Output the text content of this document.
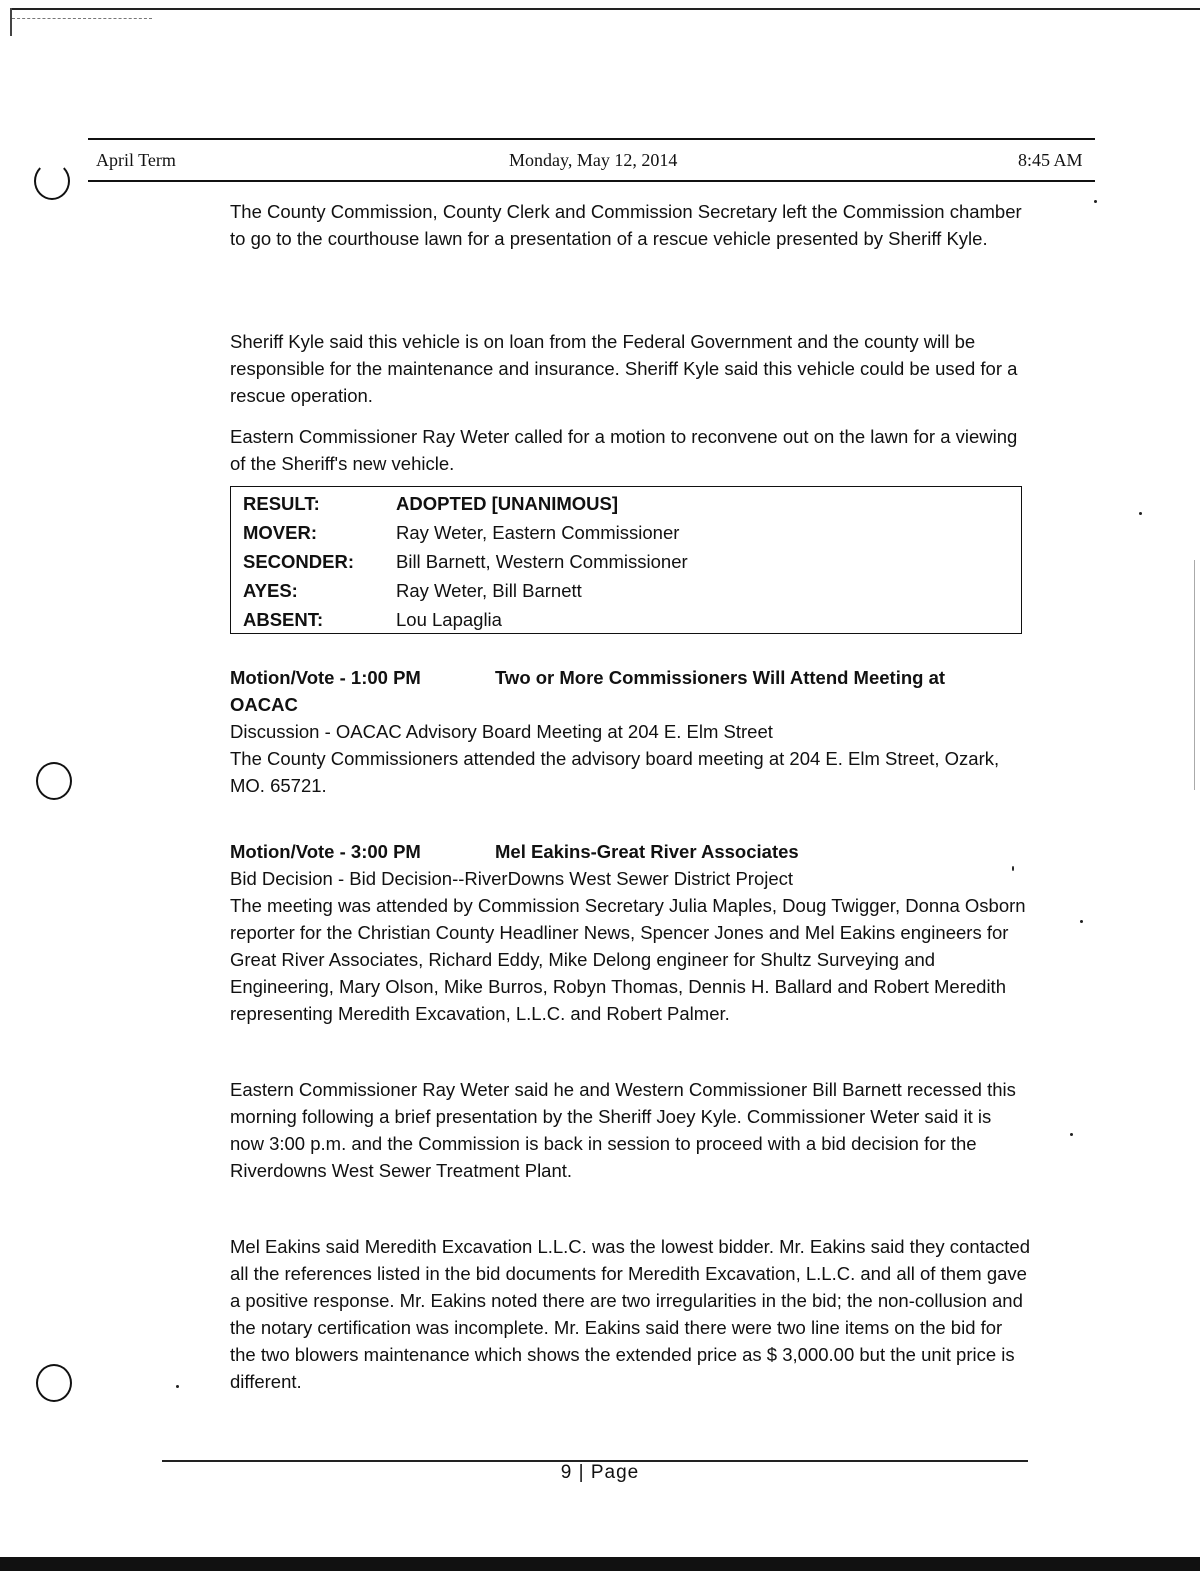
April Term	Monday, May 12, 2014	8:45 AM

The County Commission, County Clerk and Commission Secretary left the Commission chamber to go to the courthouse lawn for a presentation of a rescue vehicle presented by Sheriff Kyle.

Sheriff Kyle said this vehicle is on loan from the Federal Government and the county will be responsible for the maintenance and insurance. Sheriff Kyle said this vehicle could be used for a rescue operation.

Eastern Commissioner Ray Weter called for a motion to reconvene out on the lawn for a viewing of the Sheriff's new vehicle.

RESULT:	ADOPTED [UNANIMOUS]
MOVER:	Ray Weter, Eastern Commissioner
SECONDER: Bill Barnett, Western Commissioner
AYES:	Ray Weter, Bill Barnett
ABSENT:	Lou Lapaglia
Motion/Vote - 1:00 PM	Two or More Commissioners Will Attend Meeting at
OACAC
Discussion - OACAC Advisory Board Meeting at 204 E. Elm Street

The County Commissioners attended the advisory board meeting at 204 E. Elm Street, Ozark, MO. 65721.

Motion/Vote - 3:00 PM	Mel Eakins-Great River Associates
Bid Decision - Bid Decision--RiverDowns West Sewer District Project

The meeting was attended by Commission Secretary Julia Maples, Doug Twigger, Donna Osborn reporter for the Christian County Headliner News, Spencer Jones and Mel Eakins engineers for Great River Associates, Richard Eddy, Mike Delong engineer for Shultz Surveying and Engineering, Mary Olson, Mike Burros, Robyn Thomas, Dennis H. Ballard and Robert Meredith representing Meredith Excavation, L.L.C. and Robert Palmer.

Eastern Commissioner Ray Weter said he and Western Commissioner Bill Barnett recessed this morning following a brief presentation by the Sheriff Joey Kyle. Commissioner Weter said it is now 3:00 p.m. and the Commission is back in session to proceed with a bid decision for the Riverdowns West Sewer Treatment Plant.

Mel Eakins said Meredith Excavation L.L.C. was the lowest bidder. Mr. Eakins said they contacted all the references listed in the bid documents for Meredith Excavation, L.L.C. and all of them gave a positive response. Mr. Eakins noted there are two irregularities in the bid; the non-collusion and the notary certification was incomplete. Mr. Eakins said there were two line items on the bid for the two blowers maintenance which shows the extended price as $ 3,000.00 but the unit price is different.

9 | Page
